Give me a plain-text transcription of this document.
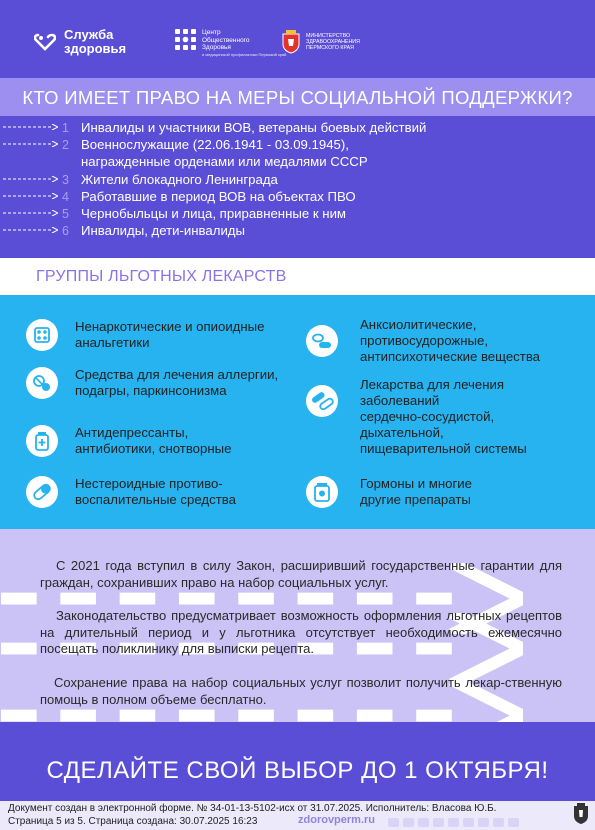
Служба
здоровья
Центр
Общественного
Здоровья
и медицинской профилактики Пермский край
МИНИСТЕРСТВО
ЗДРАВООХРАНЕНИЯ
ПЕРМСКОГО КРАЯ
КТО ИМЕЕТ ПРАВО НА МЕРЫ СОЦИАЛЬНОЙ ПОДДЕРЖКИ?
1 Инвалиды и участники ВОВ, ветераны боевых действий
2 Военнослужащие (22.06.1941 - 03.09.1945),
награжденные орденами или медалями СССР
3 Жители блокадного Ленинграда
4 Работавшие в период ВОВ на объектах ПВО
5 Чернобыльцы и лица, приравненные к ним
6 Инвалиды, дети-инвалиды
ГРУППЫ ЛЬГОТНЫХ ЛЕКАРСТВ
Ненаркотические и опиоидные
анальгетики
Средства для лечения аллергии,
подагры, паркинсонизма
Антидепрессанты,
антибиотики, снотворные
Нестероидные противо-
воспалительные средства
Анксиолитические,
противосудорожные,
антипсихотические вещества
Лекарства для лечения
заболеваний
сердечно-сосудистой,
дыхательной,
пищеварительной системы
Гормоны и многие
другие препараты
С 2021 года вступил в силу Закон, расширивший государственные гарантии для граждан, сохранивших право на набор социальных услуг.
Законодательство предусматривает возможность оформления льготных рецептов на длительный период и у льготника отсутствует необходимость ежемесячно посещать поликлинику для выписки рецепта.
Сохранение права на набор социальных услуг позволит получить лекар-ственную помощь в полном объеме бесплатно.
СДЕЛАЙТЕ СВОЙ ВЫБОР ДО 1 ОКТЯБРЯ!
Документ создан в электронной форме. № 34-01-13-5102-исх от 31.07.2025. Исполнитель: Власова Ю.Б.
zdorovperm.ru
Страница 5 из 5. Страница создана: 30.07.2025 16:23
